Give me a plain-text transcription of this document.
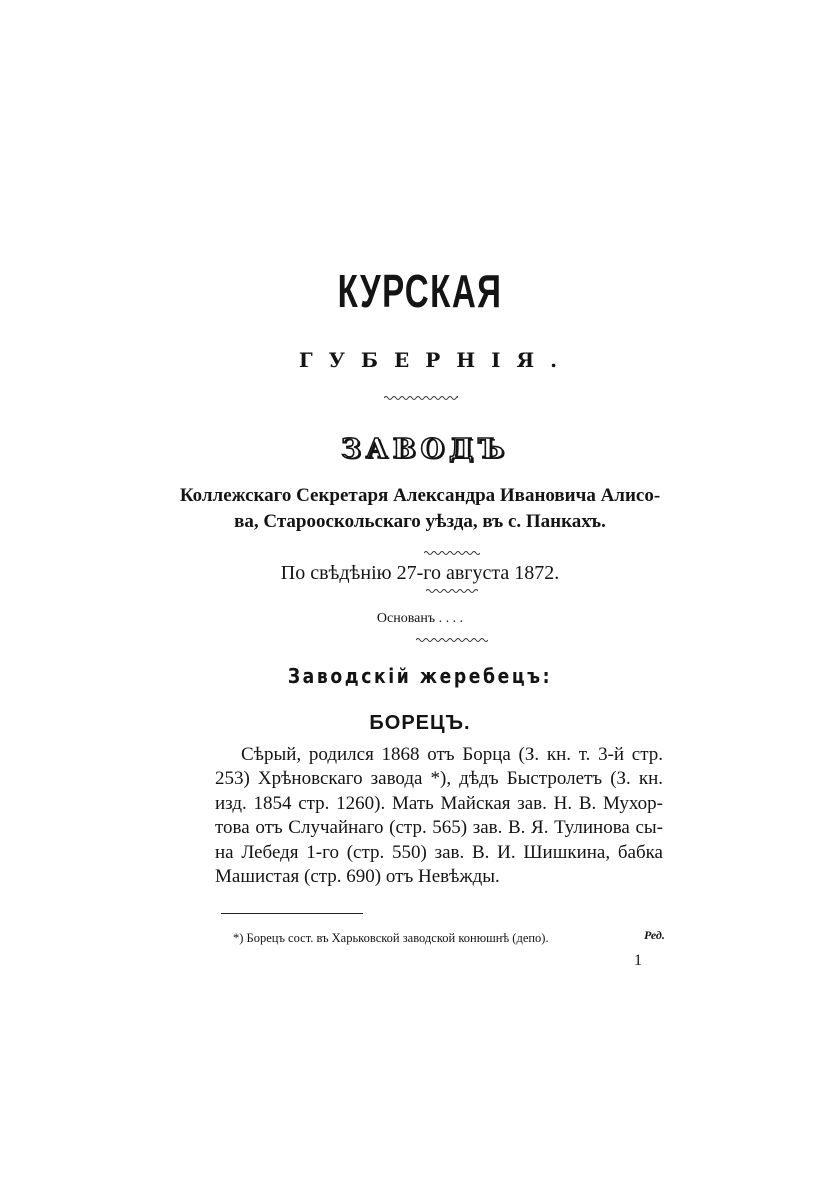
КУРСКАЯ
ГУБЕРНІЯ.
ЗАВОДЪ
Коллежскаго Секретаря Александра Ивановича Алисо-
ва, Старооскольскаго уѣзда, въ с. Панкахъ.
По свѣдѣнію 27-го августа 1872.
Основанъ . . . .
Заводскій жеребецъ:
БОРЕЦЪ.
Сѣрый, родился 1868 отъ Борца (З. кн. т. 3-й стр.
253) Хрѣновскаго завода *), дѣдъ Быстролетъ (З. кн.
изд. 1854 стр. 1260). Мать Майская зав. Н. В. Мухор-
това отъ Случайнаго (стр. 565) зав. В. Я. Тулинова сы-
на Лебедя 1-го (стр. 550) зав. В. И. Шишкина, бабка
Машистая (стр. 690) отъ Невѣжды.
*) Борецъ сост. въ Харьковской заводской конюшнѣ (депо).	Ред.
1
